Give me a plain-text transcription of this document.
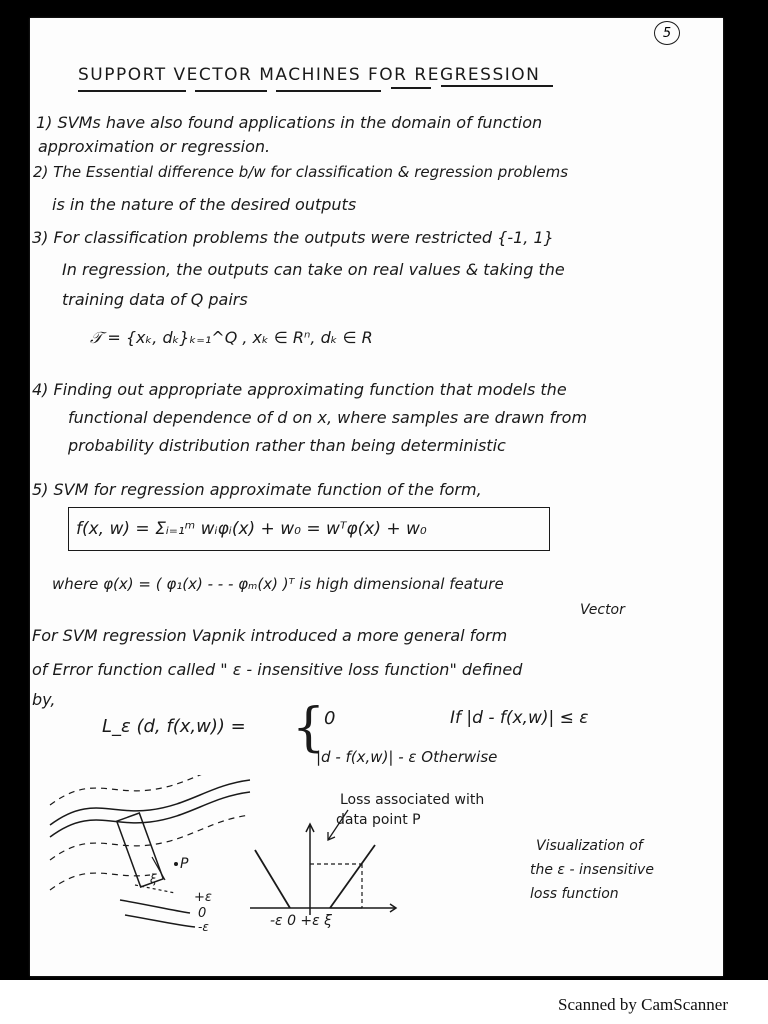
5
SUPPORT VECTOR MACHINES FOR REGRESSION
1) SVMs have also found applications in the domain of function
approximation or regression.
2) The Essential difference b/w for classification & regression problems
is in the nature of the desired outputs
3) For classification problems the outputs were restricted {-1, 1}
In regression, the outputs can take on real values & taking the
training data of Q pairs
𝒯 = {xₖ, dₖ}ₖ₌₁^Q , xₖ ∈ Rⁿ, dₖ ∈ R
4) Finding out appropriate approximating function that models the
functional dependence of d on x, where samples are drawn from
probability distribution rather than being deterministic
5) SVM for regression approximate function of the form,
f(x, w) = Σᵢ₌₁ᵐ wᵢφᵢ(x) + w₀ = wᵀφ(x) + w₀
where φ(x) = ( φ₁(x) - - - φₘ(x) )ᵀ is high dimensional feature
Vector
For SVM regression Vapnik introduced a more general form
of Error function called " ε - insensitive loss function" defined
by,
L_ε (d, f(x,w)) = {
0	If |d - f(x,w)| ≤ ε
|d - f(x,w)| - ε Otherwise
P
ξ
+ε
0
-ε	-ε 0 +ε ξ
Loss associated with
data point P
Visualization of
the ε - insensitive
loss function
Scanned by CamScanner
